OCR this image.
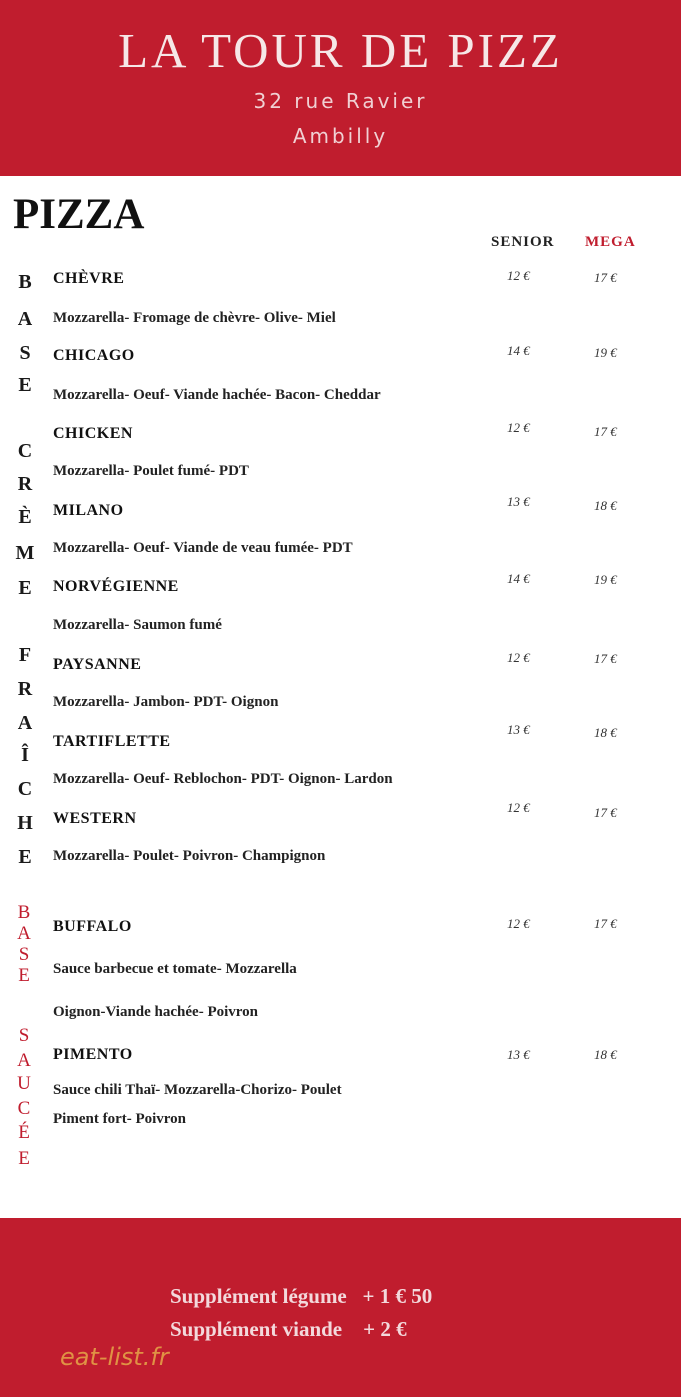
LA TOUR DE PIZZ
32 rue Ravier
Ambilly
PIZZA
SENIOR MEGA
B
A
S
E
C
R
È
M
E
F
R
A
Î
C
H
E
B
A
S
E
S
A
U
C
É
E
CHÈVRE	12 €	17 €
Mozzarella- Fromage de chèvre- Olive- Miel
CHICAGO	14 €	19 €
Mozzarella- Oeuf- Viande hachée- Bacon- Cheddar
CHICKEN	12 €	17 €
Mozzarella- Poulet fumé- PDT
MILANO
13 €	18 €
Mozzarella- Oeuf- Viande de veau fumée- PDT
NORVÉGIENNE	14 €	19 €
Mozzarella- Saumon fumé
PAYSANNE	12 €	17 €
Mozzarella- Jambon- PDT- Oignon
TARTIFLETTE
13 €	18 €
Mozzarella- Oeuf- Reblochon- PDT- Oignon- Lardon
WESTERN
12 €	17 €
Mozzarella- Poulet- Poivron- Champignon
BUFFALO	12 €	17 €
Sauce barbecue et tomate- Mozzarella
Oignon-Viande hachée- Poivron
PIMENTO	13 €	18 €
Sauce chili Thaï- Mozzarella-Chorizo- Poulet
Piment fort- Poivron
Supplément légume   + 1 € 50
Supplément viande    + 2 €
eat-list.fr
